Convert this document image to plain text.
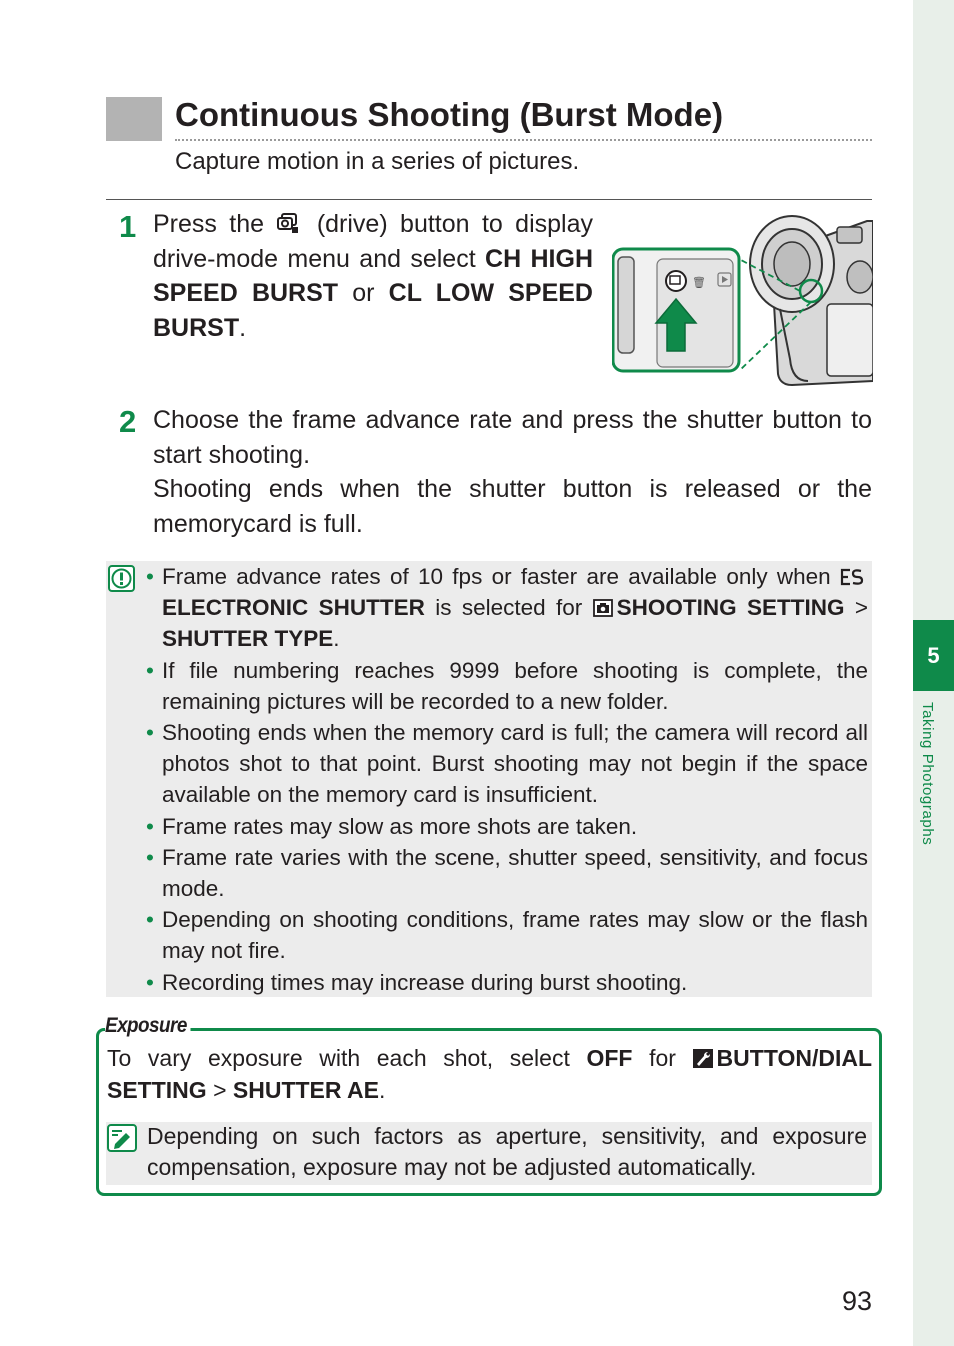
5
Taking Photographs
Continuous Shooting (Burst Mode)
Capture motion in a series of pictures.
1 Press the (drive) button to display drive-mode menu and select CH HIGH SPEED BURST or CL LOW SPEED BURST.
🗑
2 Choose the frame advance rate and press the shutter button to start shooting.
Shooting ends when the shutter button is released or the memorycard is full.
• Frame advance rates of 10 fps or faster are available only when ELECTRONIC SHUTTER is selected for SHOOTING SETTING > SHUTTER TYPE.
• If file numbering reaches 9999 before shooting is complete, the remaining pictures will be recorded to a new folder.
• Shooting ends when the memory card is full; the camera will record all photos shot to that point. Burst shooting may not begin if the space available on the memory card is insufficient.
• Frame rates may slow as more shots are taken.
• Frame rate varies with the scene, shutter speed, sensitivity, and focus mode.
• Depending on shooting conditions, frame rates may slow or the flash may not fire.
• Recording times may increase during burst shooting.
Exposure
To vary exposure with each shot, select OFF for BUTTON/DIAL SETTING > SHUTTER AE.
Depending on such factors as aperture, sensitivity, and exposure compensation, exposure may not be adjusted automatically.
93
